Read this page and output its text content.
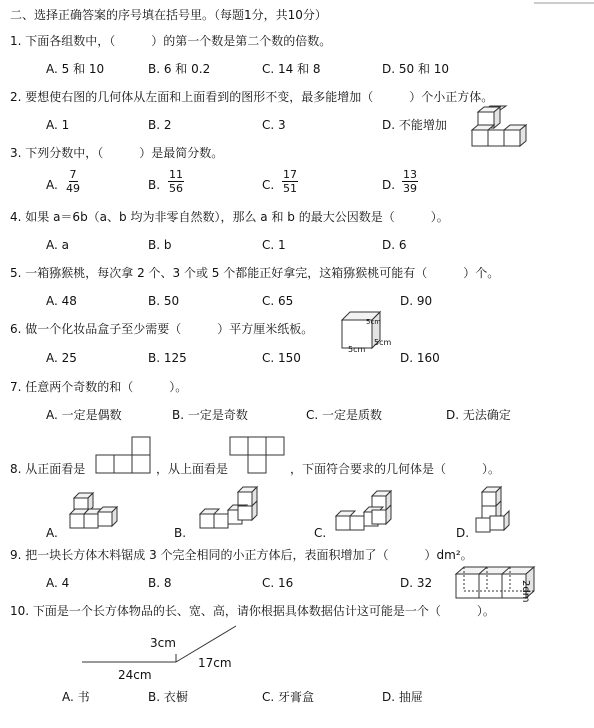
二、选择正确答案的序号填在括号里。（每题1分，共10分）
1. 下面各组数中，（　　　）的第一个数是第二个数的倍数。
A. 5 和 10	B. 6 和 0.2	C. 14 和 8	D. 50 和 10
2. 要想使右图的几何体从左面和上面看到的图形不变，最多能增加（　　　）个小正方体。
A. 1	B. 2	C. 3	D. 不能增加
3. 下列分数中，（　　　）是最简分数。
A. $\frac{7}{49}$	B. $\frac{11}{56}$	C. $\frac{17}{51}$	D. $\frac{13}{39}$
4. 如果 a＝6b（a、b 均为非零自然数），那么 a 和 b 的最大公因数是（　　　）。
A. a	B. b	C. 1	D. 6
5. 一箱猕猴桃，每次拿 2 个、3 个或 5 个都能正好拿完，这箱猕猴桃可能有（　　　）个。
A. 48	B. 50	C. 65	D. 90
6. 做一个化妆品盒子至少需要（　　　）平方厘米纸板。	5cm
5cm
5cm
A. 25	B. 125	C. 150	D. 160
7. 任意两个奇数的和（　　　）。
A. 一定是偶数	B. 一定是奇数	C. 一定是质数	D. 无法确定
8. 从正面看是	，从上面看是	，下面符合要求的几何体是（　　　）。
A.	B.	C.	D.
9. 把一块长方体木料锯成 3 个完全相同的小正方体后，表面积增加了（　　　）dm²。
A. 4	B. 8	C. 16	D. 32	2dm
10. 下面是一个长方体物品的长、宽、高，请你根据具体数据估计这可能是一个（　　　）。
3cm
17cm
24cm
A. 书	B. 衣橱	C. 牙膏盒	D. 抽屉
